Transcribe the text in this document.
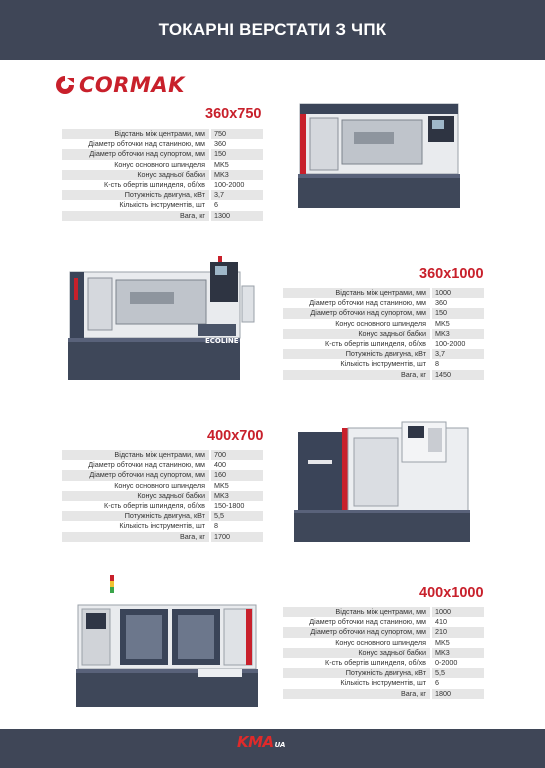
ТОКАРНІ ВЕРСТАТИ З ЧПК
CORMAK
360x750
Відстань між центрами, мм	750
Діаметр обточки над станиною, мм	360
Діаметр обточки над супортом, мм	150
Конус основного шпинделя	MK5
Конус задньої бабки	MK3
К-сть обертів шпинделя, об/хв	100-2000
Потужність двигуна, кВт	3,7
Кількість інструментів, шт	6
Вага, кг	1300
ECOLINE
360x1000
Відстань між центрами, мм	1000
Діаметр обточки над станиною, мм	360
Діаметр обточки над супортом, мм	150
Конус основного шпинделя	MK5
Конус задньої бабки	MK3
К-сть обертів шпинделя, об/хв	100-2000
Потужність двигуна, кВт	3,7
Кількість інструментів, шт	8
Вага, кг	1450
400x700
Відстань між центрами, мм	700
Діаметр обточки над станиною, мм	400
Діаметр обточки над супортом, мм	160
Конус основного шпинделя	MK5
Конус задньої бабки	MK3
К-сть обертів шпинделя, об/хв	150-1800
Потужність двигуна, кВт	5,5
Кількість інструментів, шт	8
Вага, кг	1700
400x1000
Відстань між центрами, мм	1000
Діаметр обточки над станиною, мм	410
Діаметр обточки над супортом, мм	210
Конус основного шпинделя	MK5
Конус задньої бабки	MK3
К-сть обертів шпинделя, об/хв	0-2000
Потужність двигуна, кВт	5,5
Кількість інструментів, шт	6
Вага, кг	1800
KMA UA
